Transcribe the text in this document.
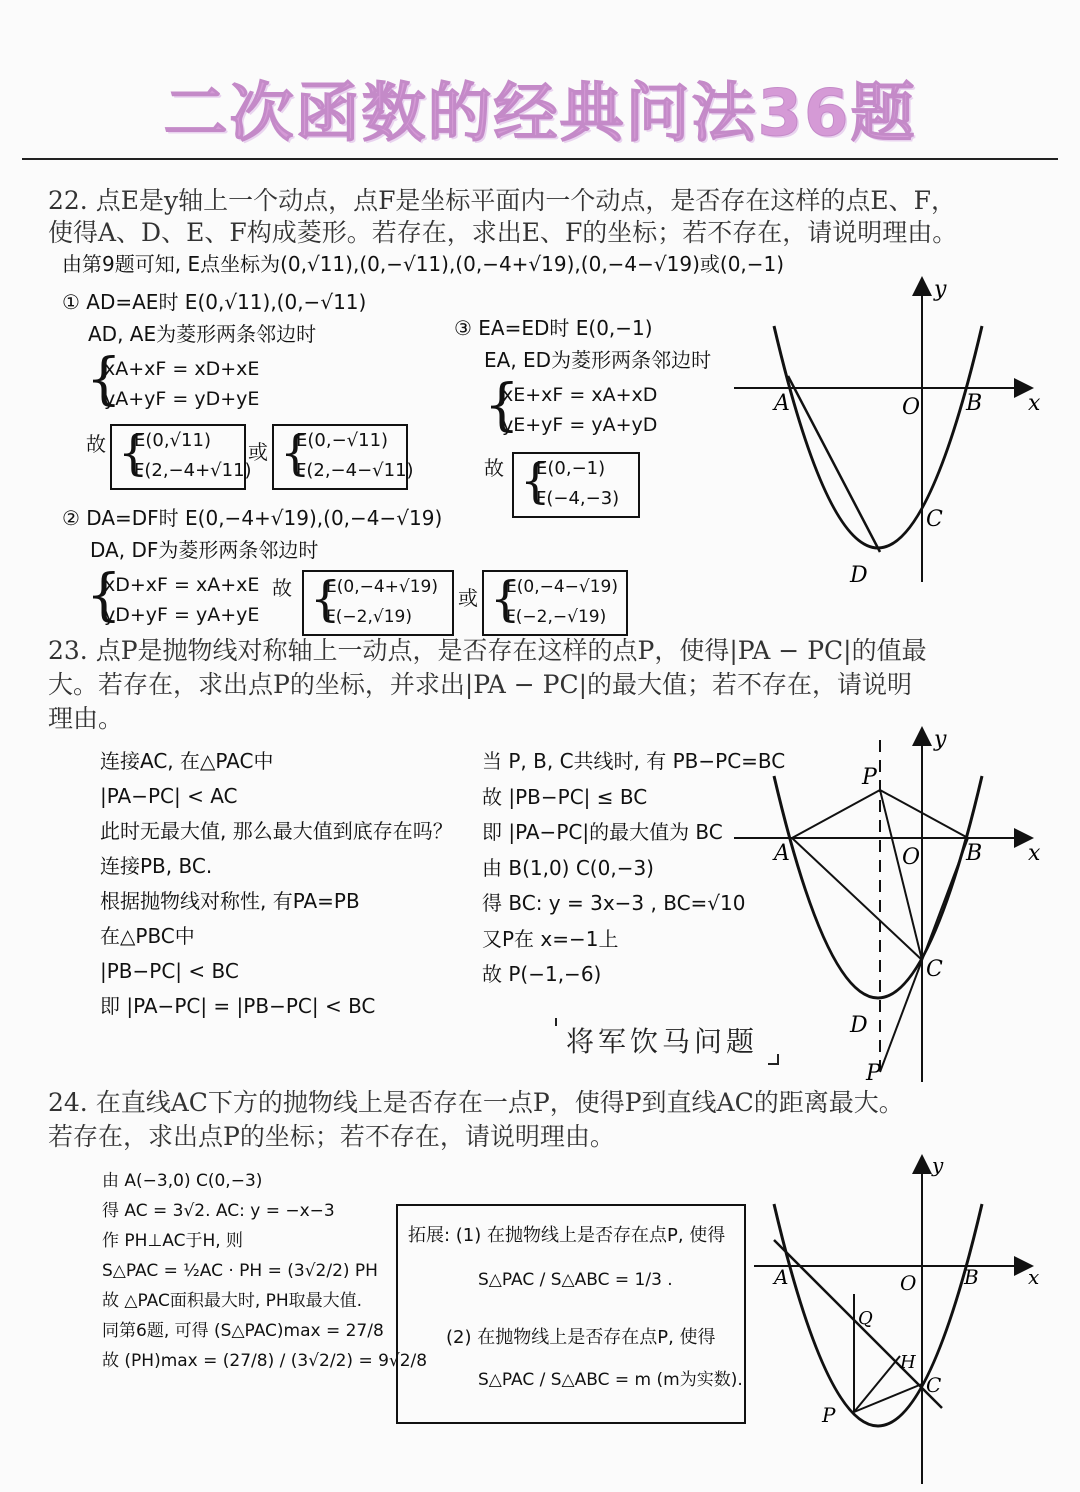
二次函数的经典问法36题
22. 点E是y轴上一个动点，点F是坐标平面内一个动点，是否存在这样的点E、F，
使得A、D、E、F构成菱形。若存在，求出E、F的坐标；若不存在，请说明理由。
由第9题可知, E点坐标为(0,√11),(0,−√11),(0,−4+√19),(0,−4−√19)或(0,−1)
① AD=AE时 E(0,√11),(0,−√11)
AD, AE为菱形两条邻边时
{
xA+xF = xD+xE
yA+yF = yD+yE
故 E(0,√11)
F(2,−4+√11)
{	或 E(0,−√11)
F(2,−4−√11)
{
② DA=DF时 E(0,−4+√19),(0,−4−√19)
DA, DF为菱形两条邻边时
{
xD+xF = xA+xE
yD+yF = yA+yE
故 E(0,−4+√19)
F(−2,√19)
{	或 E(0,−4−√19)
F(−2,−√19)
{
③ EA=ED时 E(0,−1)
EA, ED为菱形两条邻边时
{
xE+xF = xA+xD
yE+yF = yA+yD
故 E(0,−1)
F(−4,−3)
{
A	O B
C
D
y
x
23. 点P是抛物线对称轴上一动点，是否存在这样的点P，使得|PA − PC|的值最
大。若存在，求出点P的坐标，并求出|PA − PC|的最大值；若不存在，请说明
理由。
连接AC, 在△PAC中
|PA−PC| < AC
此时无最大值, 那么最大值到底存在吗？
连接PB, BC.
根据抛物线对称性, 有PA=PB
在△PBC中
|PB−PC| < BC
即 |PA−PC| = |PB−PC| < BC
当 P, B, C共线时, 有 PB−PC=BC
故 |PB−PC| ≤ BC
即 |PA−PC|的最大值为 BC
由 B(1,0) C(0,−3)
得 BC: y = 3x−3 , BC=√10
又P在 x=−1上
故 P(−1,−6)
将军饮马问题
P
A	O B
C
D
P
y
x
24. 在直线AC下方的抛物线上是否存在一点P，使得P到直线AC的距离最大。
若存在，求出点P的坐标；若不存在，请说明理由。
由 A(−3,0) C(0,−3)
得 AC = 3√2. AC: y = −x−3
作 PH⊥AC于H, 则
S△PAC = ½AC · PH = (3√2/2) PH
故 △PAC面积最大时, PH取最大值.
同第6题, 可得 (S△PAC)max = 27/8
故 (PH)max = (27/8) / (3√2/2) = 9√2/8
拓展: (1) 在抛物线上是否存在点P, 使得
S△PAC / S△ABC = 1/3 .
(2) 在抛物线上是否存在点P, 使得
S△PAC / S△ABC = m (m为实数).
A	O B
C
Q
H
P
y
x
